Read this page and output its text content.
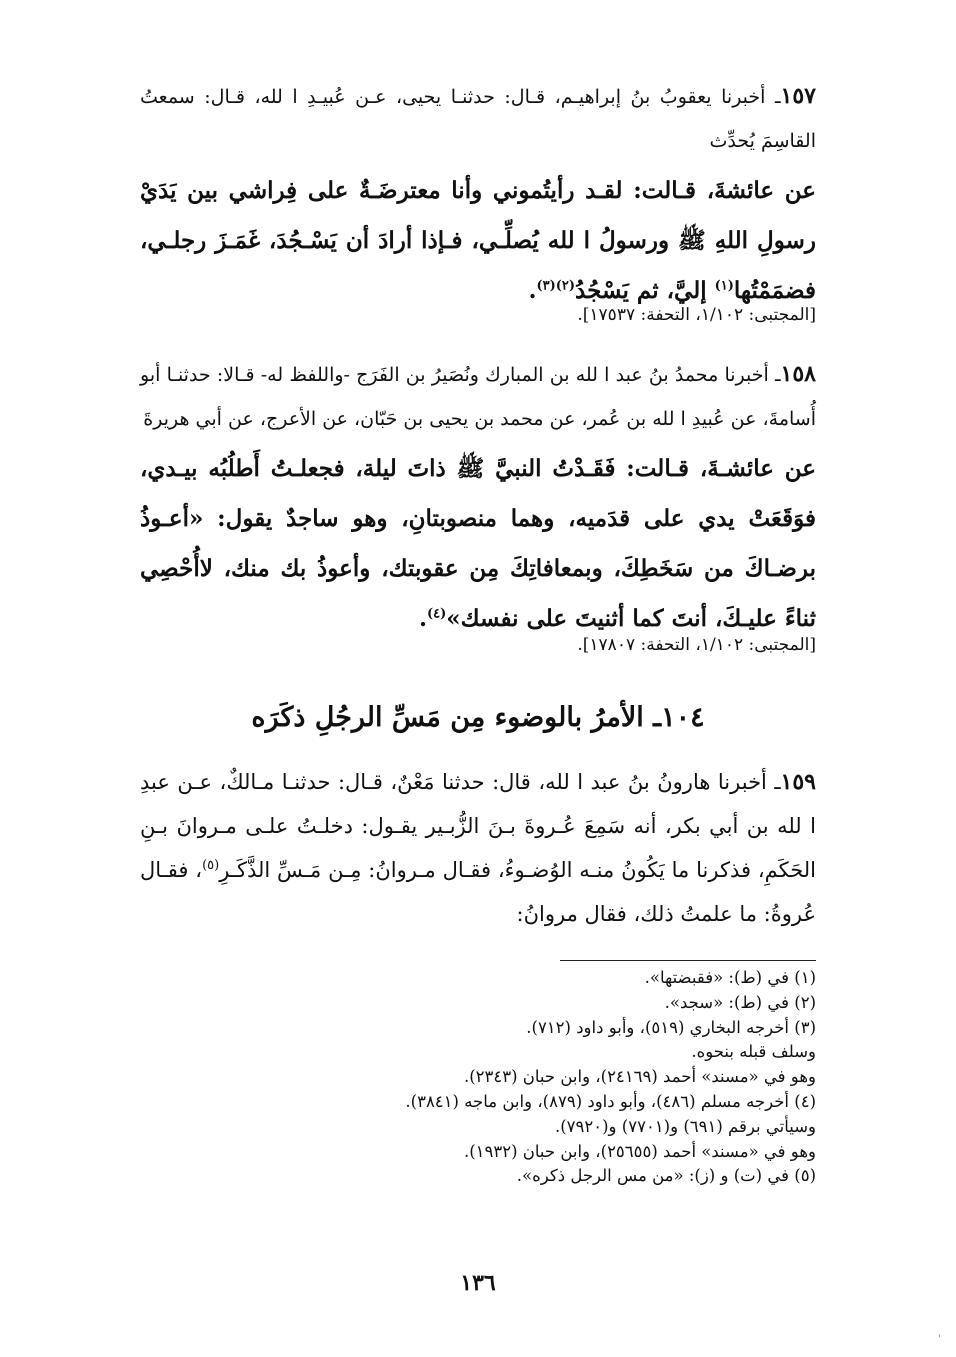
١٥٧ـ أخبرنا يعقوبُ بنُ إبراهيـم، قـال: حدثنـا يحيى، عـن عُبيـدِ ا لله، قـال: سمعتُ القاسِمَ يُحدِّث
عن عائشةَ، قـالت: لقـد رأيتُموني وأنا معترضَـةٌ على فِراشي بين يَدَيْ رسولِ اللهِ ﷺ ورسولُ ا لله يُصلِّـي، فـإذا أرادَ أن يَسْـجُدَ، غَمَـزَ رجلـي، فضمَمْتُها$^{(١)}$ إليَّ، ثم يَسْجُدُ$^{(٢)(٣)}$.
[المجتبى: ١/١٠٢، التحفة: ١٧٥٣٧].
١٥٨ـ أخبرنا محمدُ بنُ عبد ا لله بن المبارك ونُصَيرُ بن الفَرَج -واللفظ له- قـالا: حدثنـا أبو أُسامةَ، عن عُبيدِ ا لله بن عُمر، عن محمد بن يحيى بن حَبّان، عن الأعرج، عن أبي هريرةَ
عن عائشـةَ، قـالت: فَقَـدْتُ النبيَّ ﷺ ذاتَ ليلة، فجعلـتُ أَطلُبُه بيـدي، فوَقَعَتْ يدي على قدَميه، وهما منصوبتانِ، وهو ساجدٌ يقول: «أعـوذُ برضـاكَ من سَخَطِكَ، وبمعافاتِكَ مِن عقوبتك، وأعوذُ بك منك، لاأُحْصِي ثناءً عليـكَ، أنتَ كما أثنيتَ على نفسك»$^{(٤)}$.
[المجتبى: ١/١٠٢، التحفة: ١٧٨٠٧].
١٠٤ـ الأمرُ بالوضوء مِن مَسِّ الرجُلِ ذكَرَه
١٥٩ـ أخبرنا هارونُ بنُ عبد ا لله، قال: حدثنا مَعْنٌ، قـال: حدثنـا مـالكٌ، عـن عبدِ ا لله بن أبي بكر، أنه سَمِعَ عُـروةَ بـنَ الزُّبـير يقـول: دخلـتُ علـى مـروانَ بـنِ الحَكَمِ، فذكرنا ما يَكُونُ منـه الوُضـوءُ، فقـال مـروانُ: مِـن مَـسِّ الذَّكَـرِ$^{(٥)}$، فقـال عُروةُ: ما علمتُ ذلك، فقال مروانُ:
(١) في (ط): «فقبضتها».
(٢) في (ط): «سجد».
(٣) أخرجه البخاري (٥١٩)، وأبو داود (٧١٢).
وسلف قبله بنحوه.
وهو في «مسند» أحمد (٢٤١٦٩)، وابن حبان (٢٣٤٣).
(٤) أخرجه مسلم (٤٨٦)، وأبو داود (٨٧٩)، وابن ماجه (٣٨٤١).
وسيأتي برقم (٦٩١) و(٧٧٠١) و(٧٩٢٠).
وهو في «مسند» أحمد (٢٥٦٥٥)، وابن حبان (١٩٣٢).
(٥) في (ت) و (ز): «من مس الرجل ذكره».
١٣٦
'
